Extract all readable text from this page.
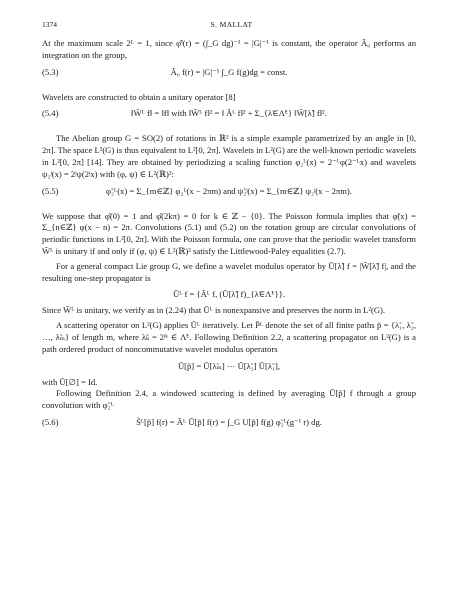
1374	S. MALLAT

At the maximum scale 2ᴸ = 1, since φ̂ᴵ(r) = (∫_G dg)⁻¹ = |G|⁻¹ is constant, the operator Ã₀ performs an integration on the group,

(5.3)	Ã₀ f(r) = |G|⁻¹ ∫_G f(g)dg = const.

Wavelets are constructed to obtain a unitary operator [8]

(5.4)	‖W̃ᴸ f‖ = ‖f‖ with ‖W̃ᴸ f‖² = ‖ Ãᴸ f‖² + Σ_{λ̃∈Λ̃ᴸ} ‖W̃[λ̃] f‖².

The Abelian group G = SO(2) of rotations in ℝ² is a simple example parametrized by an angle in [0, 2π]. The space L²(G) is thus equivalent to L²[0, 2π]. Wavelets in L²(G) are the well-known periodic wavelets in L²[0, 2π] [14]. They are obtained by periodizing a scaling function φ₂ᴸ(x) = 2⁻ᴸφ(2⁻ᴸx) and wavelets ψ₂ʲ(x) = 2ʲψ(2ʲx) with (φ, ψ) ∈ L²(ℝ)²:

(5.5)	φ̃₂ᴸ(x) = Σ_{m∈ℤ} φ₂ᴸ(x − 2πm) and ψ̃₂ʲ(x) = Σ_{m∈ℤ} ψ₂ʲ(x − 2πm).

We suppose that φ̂(0) = 1 and φ̂(2kπ) = 0 for k ∈ ℤ − {0}. The Poisson formula implies that φ̃(x) = Σ_{n∈ℤ} φ(x − n) = 2π. Convolutions (5.1) and (5.2) on the rotation group are circular convolutions of periodic functions in L²[0, 2π]. With the Poisson formula, one can prove that the periodic wavelet transform W̃ᴸ is unitary if and only if (φ, ψ) ∈ L²(ℝ)² satisfy the Littlewood-Paley equalities (2.7).

For a general compact Lie group G, we define a wavelet modulus operator by Ũ[λ̃] f = |W̃[λ̃] f|, and the resulting one-step propagator is

Ũᴸ f = {Ãᴸ f, (Ũ[λ̃] f)_{λ̃∈Λ̃ᴸ}}.

Since W̃ᴸ is unitary, we verify as in (2.24) that Ũᴸ is nonexpansive and preserves the norm in L²(G).

A scattering operator on L²(G) applies Ũᴸ iteratively. Let P̃ᴸ denote the set of all finite paths p̃ = {λ̃₁, λ̃₂, …, λ̃ₘ} of length m, where λ̃ₖ = 2ʲᵏ ∈ Λ̃ᴸ. Following Definition 2.2, a scattering propagator on L²(G) is a path ordered product of noncommutative wavelet modulus operators

Ũ[p̃] = Ũ[λ̃ₘ] ⋯ Ũ[λ̃₂] Ũ[λ̃₁],

with Ũ[∅] = Id.

Following Definition 2.4, a windowed scattering is defined by averaging Ũ[p̃] f through a group convolution with φ̃₂ᴸ

(5.6)	S̃ᴸ[p̃] f(r) = Ãᴸ Ũ[p̃] f(r) = ∫_G U[p̃] f(g) φ̃₂ᴸ(g⁻¹ r) dg.
